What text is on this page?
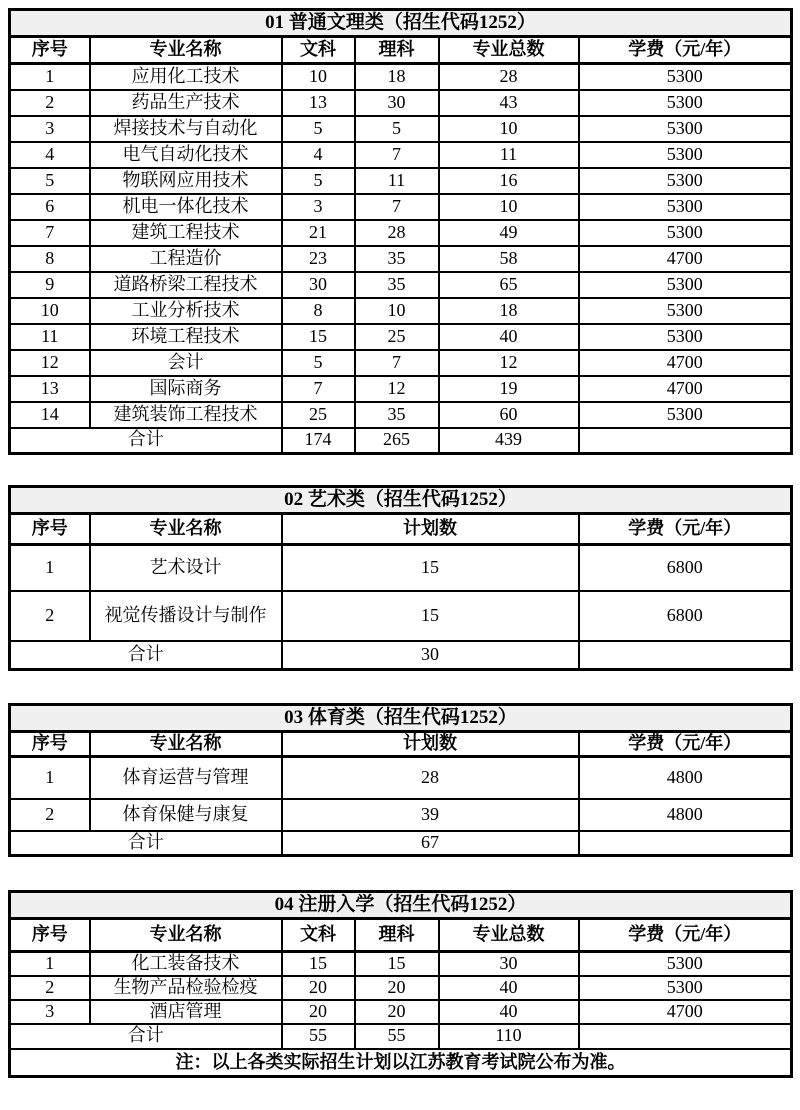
01 普通文理类（招生代码1252）					
序号	专业名称	文科	理科	专业总数	学费（元/年）
1	应用化工技术	10	18	28	5300
2	药品生产技术	13	30	43	5300
3	焊接技术与自动化	5	5	10	5300
4	电气自动化技术	4	7	11	5300
5	物联网应用技术	5	11	16	5300
6	机电一体化技术	3	7	10	5300
7	建筑工程技术	21	28	49	5300
8	工程造价	23	35	58	4700
9	道路桥梁工程技术	30	35	65	5300
10	工业分析技术	8	10	18	5300
11	环境工程技术	15	25	40	5300
12	会计	5	7	12	4700
13	国际商务	7	12	19	4700
14	建筑装饰工程技术	25	35	60	5300
合计		174	265	439	
02 艺术类（招生代码1252）			
序号	专业名称	计划数	学费（元/年）
1	艺术设计	15	6800
2	视觉传播设计与制作	15	6800
合计		30	
03 体育类（招生代码1252）			
序号	专业名称	计划数	学费（元/年）
1	体育运营与管理	28	4800
2	体育保健与康复	39	4800
合计		67	
04 注册入学（招生代码1252）					
序号	专业名称	文科	理科	专业总数	学费（元/年）
1	化工装备技术	15	15	30	5300
2	生物产品检验检疫	20	20	40	5300
3	酒店管理	20	20	40	4700
合计		55	55	110	
注：以上各类实际招生计划以江苏教育考试院公布为准。					
